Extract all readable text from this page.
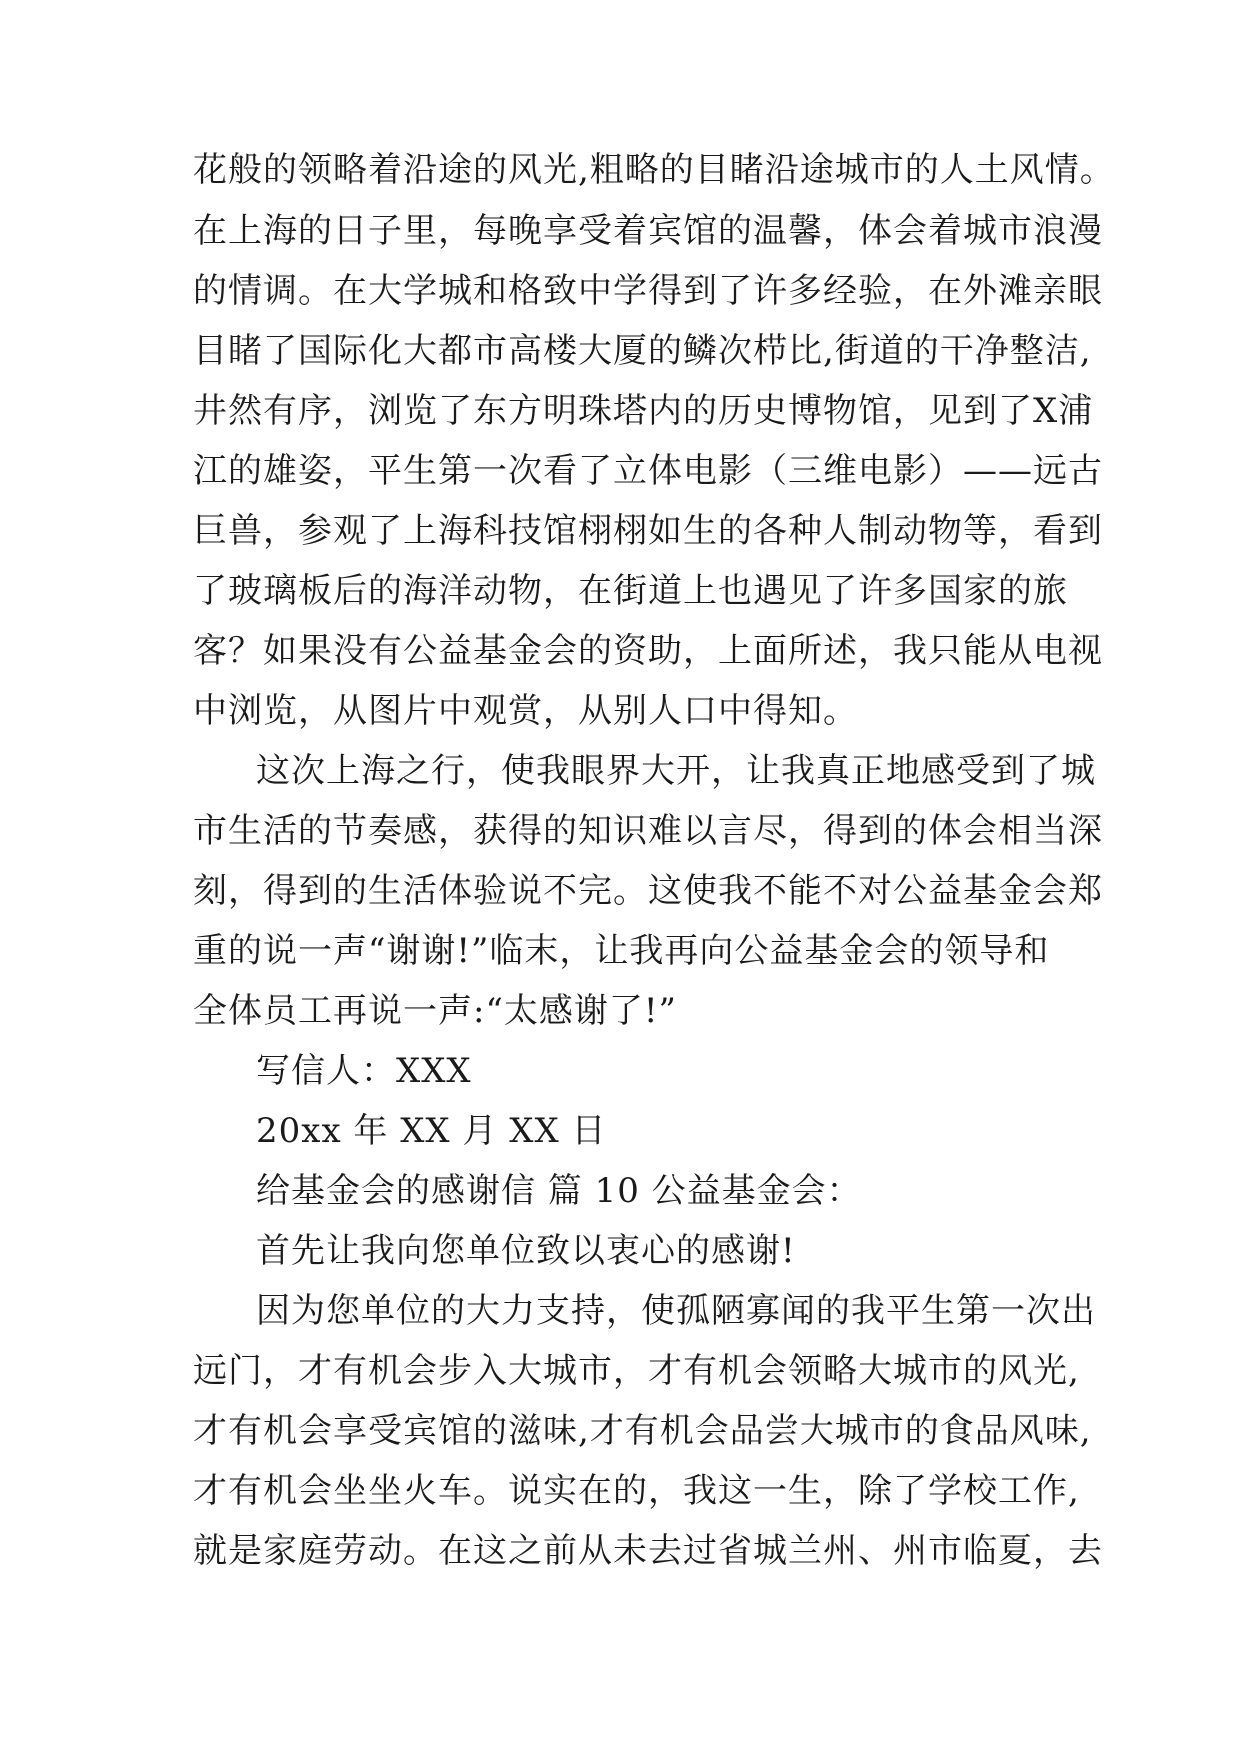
花般的领略着沿途的风光,粗略的目睹沿途城市的人土风情。
在上海的日子里，每晚享受着宾馆的温馨，体会着城市浪漫
的情调。在大学城和格致中学得到了许多经验，在外滩亲眼
目睹了国际化大都市高楼大厦的鳞次栉比,街道的干净整洁,
井然有序，浏览了东方明珠塔内的历史博物馆，见到了X浦
江的雄姿，平生第一次看了立体电影（三维电影）——远古
巨兽，参观了上海科技馆栩栩如生的各种人制动物等，看到
了玻璃板后的海洋动物，在街道上也遇见了许多国家的旅
客？如果没有公益基金会的资助，上面所述，我只能从电视
中浏览，从图片中观赏，从别人口中得知。
这次上海之行，使我眼界大开，让我真正地感受到了城
市生活的节奏感，获得的知识难以言尽，得到的体会相当深
刻，得到的生活体验说不完。这使我不能不对公益基金会郑
重的说一声“谢谢!”临末，让我再向公益基金会的领导和
全体员工再说一声:“太感谢了!”
写信人：XXX
20xx 年 XX 月 XX 日
给基金会的感谢信 篇 10 公益基金会：
首先让我向您单位致以衷心的感谢!
因为您单位的大力支持，使孤陋寡闻的我平生第一次出
远门，才有机会步入大城市，才有机会领略大城市的风光,
才有机会享受宾馆的滋味,才有机会品尝大城市的食品风味,
才有机会坐坐火车。说实在的，我这一生，除了学校工作,
就是家庭劳动。在这之前从未去过省城兰州、州市临夏，去
